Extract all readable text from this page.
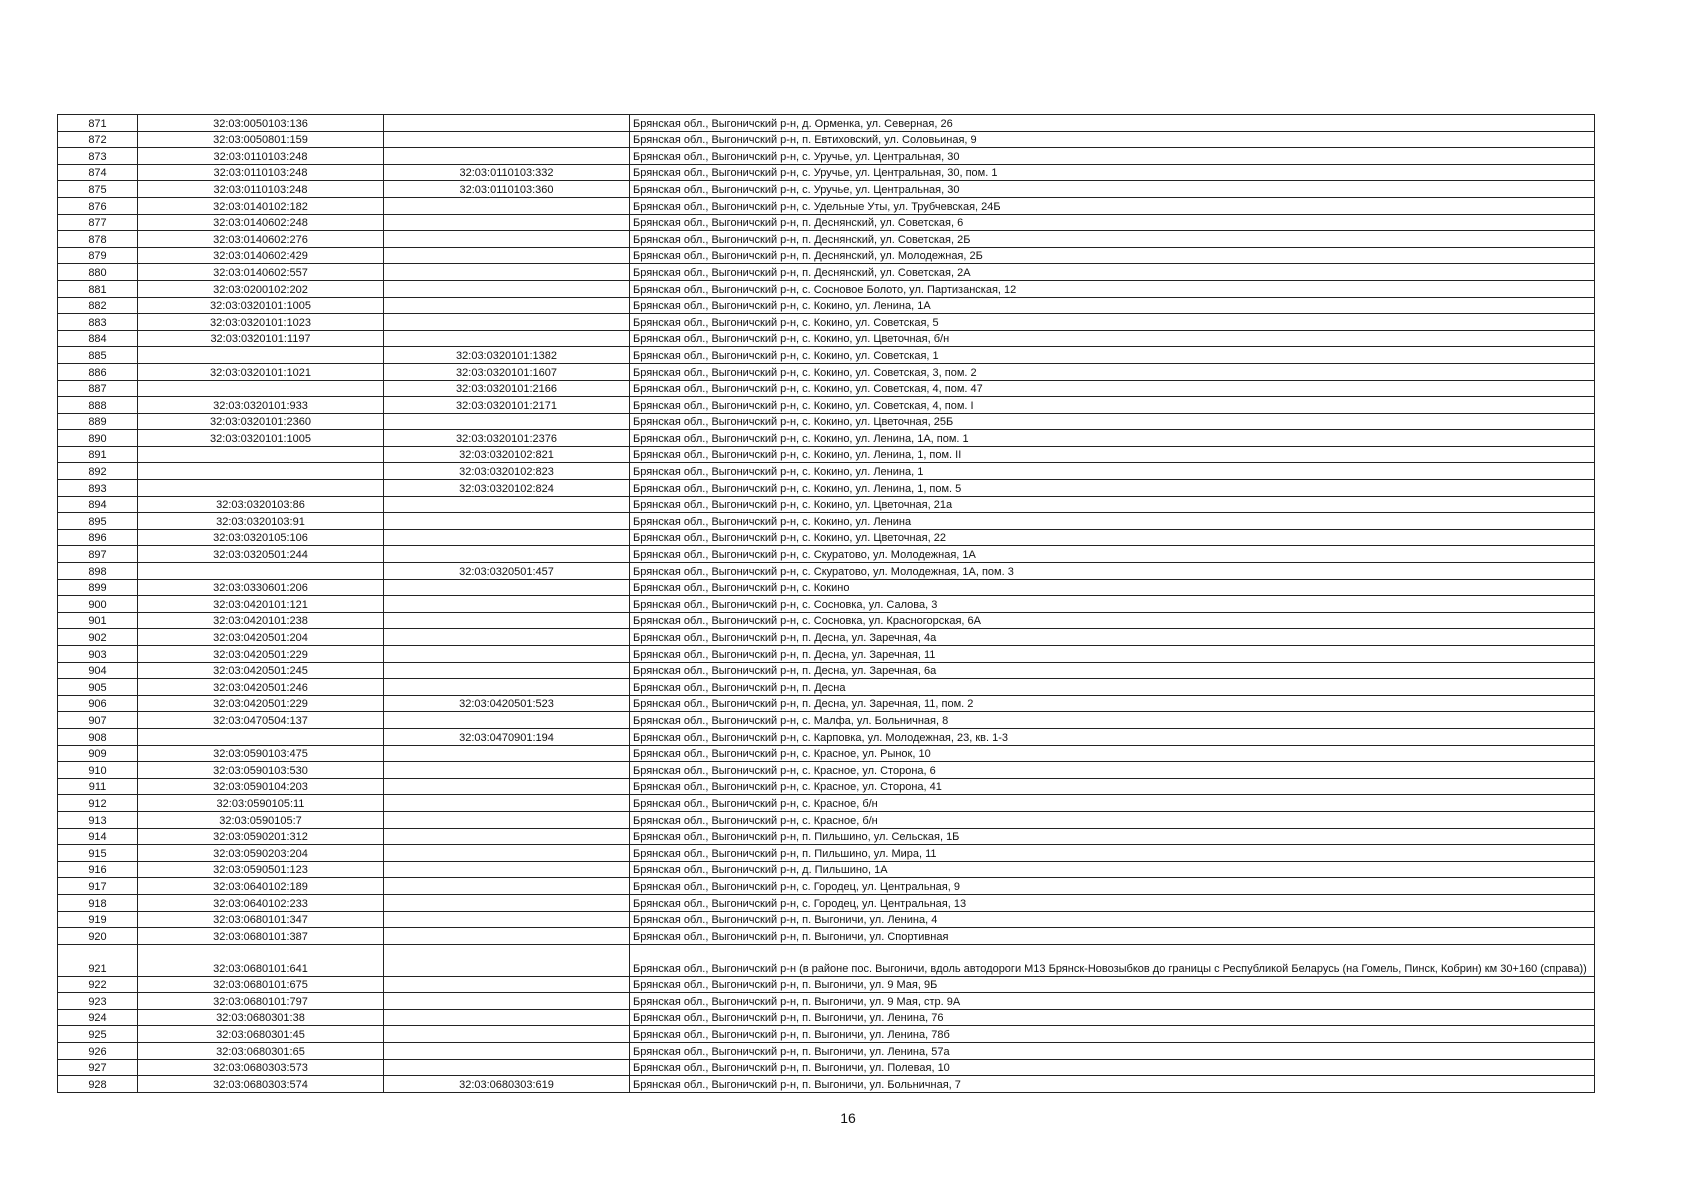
871	32:03:0050103:136		Брянская обл., Выгоничский р-н, д. Орменка, ул. Северная, 26
872	32:03:0050801:159		Брянская обл., Выгоничский р-н, п. Евтиховский, ул. Соловьиная, 9
873	32:03:0110103:248		Брянская обл., Выгоничский р-н, с. Уручье, ул. Центральная, 30
874	32:03:0110103:248	32:03:0110103:332	Брянская обл., Выгоничский р-н, с. Уручье, ул. Центральная, 30, пом. 1
875	32:03:0110103:248	32:03:0110103:360	Брянская обл., Выгоничский р-н, с. Уручье, ул. Центральная, 30
876	32:03:0140102:182		Брянская обл., Выгоничский р-н, с. Удельные Уты, ул. Трубчевская, 24Б
877	32:03:0140602:248		Брянская обл., Выгоничский р-н, п. Деснянский, ул. Советская, 6
878	32:03:0140602:276		Брянская обл., Выгоничский р-н, п. Деснянский, ул. Советская, 2Б
879	32:03:0140602:429		Брянская обл., Выгоничский р-н, п. Деснянский, ул. Молодежная, 2Б
880	32:03:0140602:557		Брянская обл., Выгоничский р-н, п. Деснянский, ул. Советская, 2А
881	32:03:0200102:202		Брянская обл., Выгоничский р-н, с. Сосновое Болото, ул. Партизанская, 12
882	32:03:0320101:1005		Брянская обл., Выгоничский р-н, с. Кокино, ул. Ленина, 1А
883	32:03:0320101:1023		Брянская обл., Выгоничский р-н, с. Кокино, ул. Советская, 5
884	32:03:0320101:1197		Брянская обл., Выгоничский р-н, с. Кокино, ул. Цветочная, б/н
885		32:03:0320101:1382	Брянская обл., Выгоничский р-н, с. Кокино, ул. Советская, 1
886	32:03:0320101:1021	32:03:0320101:1607	Брянская обл., Выгоничский р-н, с. Кокино, ул. Советская, 3, пом. 2
887		32:03:0320101:2166	Брянская обл., Выгоничский р-н, с. Кокино, ул. Советская, 4, пом. 47
888	32:03:0320101:933	32:03:0320101:2171	Брянская обл., Выгоничский р-н, с. Кокино, ул. Советская, 4, пом. I
889	32:03:0320101:2360		Брянская обл., Выгоничский р-н, с. Кокино, ул. Цветочная, 25Б
890	32:03:0320101:1005	32:03:0320101:2376	Брянская обл., Выгоничский р-н, с. Кокино, ул. Ленина, 1А, пом. 1
891		32:03:0320102:821	Брянская обл., Выгоничский р-н, с. Кокино, ул. Ленина, 1, пом. II
892		32:03:0320102:823	Брянская обл., Выгоничский р-н, с. Кокино, ул. Ленина, 1
893		32:03:0320102:824	Брянская обл., Выгоничский р-н, с. Кокино, ул. Ленина, 1, пом. 5
894	32:03:0320103:86		Брянская обл., Выгоничский р-н, с. Кокино, ул. Цветочная, 21а
895	32:03:0320103:91		Брянская обл., Выгоничский р-н, с. Кокино, ул. Ленина
896	32:03:0320105:106		Брянская обл., Выгоничский р-н, с. Кокино, ул. Цветочная, 22
897	32:03:0320501:244		Брянская обл., Выгоничский р-н, с. Скуратово, ул. Молодежная, 1А
898		32:03:0320501:457	Брянская обл., Выгоничский р-н, с. Скуратово, ул. Молодежная, 1А, пом. 3
899	32:03:0330601:206		Брянская обл., Выгоничский р-н, с. Кокино
900	32:03:0420101:121		Брянская обл., Выгоничский р-н, с. Сосновка, ул. Салова, 3
901	32:03:0420101:238		Брянская обл., Выгоничский р-н, с. Сосновка, ул. Красногорская, 6А
902	32:03:0420501:204		Брянская обл., Выгоничский р-н, п. Десна, ул. Заречная, 4а
903	32:03:0420501:229		Брянская обл., Выгоничский р-н, п. Десна, ул. Заречная, 11
904	32:03:0420501:245		Брянская обл., Выгоничский р-н, п. Десна, ул. Заречная, 6а
905	32:03:0420501:246		Брянская обл., Выгоничский р-н, п. Десна
906	32:03:0420501:229	32:03:0420501:523	Брянская обл., Выгоничский р-н, п. Десна, ул. Заречная, 11, пом. 2
907	32:03:0470504:137		Брянская обл., Выгоничский р-н, с. Малфа, ул. Больничная, 8
908		32:03:0470901:194	Брянская обл., Выгоничский р-н, с. Карповка, ул. Молодежная, 23, кв. 1-3
909	32:03:0590103:475		Брянская обл., Выгоничский р-н, с. Красное, ул. Рынок, 10
910	32:03:0590103:530		Брянская обл., Выгоничский р-н, с. Красное, ул. Сторона, 6
911	32:03:0590104:203		Брянская обл., Выгоничский р-н, с. Красное, ул. Сторона, 41
912	32:03:0590105:11		Брянская обл., Выгоничский р-н, с. Красное, б/н
913	32:03:0590105:7		Брянская обл., Выгоничский р-н, с. Красное, б/н
914	32:03:0590201:312		Брянская обл., Выгоничский р-н, п. Пильшино, ул. Сельская, 1Б
915	32:03:0590203:204		Брянская обл., Выгоничский р-н, п. Пильшино, ул. Мира, 11
916	32:03:0590501:123		Брянская обл., Выгоничский р-н, д. Пильшино, 1А
917	32:03:0640102:189		Брянская обл., Выгоничский р-н, с. Городец, ул. Центральная, 9
918	32:03:0640102:233		Брянская обл., Выгоничский р-н, с. Городец, ул. Центральная, 13
919	32:03:0680101:347		Брянская обл., Выгоничский р-н, п. Выгоничи, ул. Ленина, 4
920	32:03:0680101:387		Брянская обл., Выгоничский р-н, п. Выгоничи, ул. Спортивная
921	32:03:0680101:641		Брянская обл., Выгоничский р-н (в районе пос. Выгоничи, вдоль автодороги М13 Брянск-Новозыбков до границы с Республикой Беларусь (на Гомель, Пинск, Кобрин) км 30+160 (справа))
922	32:03:0680101:675		Брянская обл., Выгоничский р-н, п. Выгоничи, ул. 9 Мая, 9Б
923	32:03:0680101:797		Брянская обл., Выгоничский р-н, п. Выгоничи, ул. 9 Мая, стр. 9А
924	32:03:0680301:38		Брянская обл., Выгоничский р-н, п. Выгоничи, ул. Ленина, 76
925	32:03:0680301:45		Брянская обл., Выгоничский р-н, п. Выгоничи, ул. Ленина, 78б
926	32:03:0680301:65		Брянская обл., Выгоничский р-н, п. Выгоничи, ул. Ленина, 57а
927	32:03:0680303:573		Брянская обл., Выгоничский р-н, п. Выгоничи, ул. Полевая, 10
928	32:03:0680303:574	32:03:0680303:619	Брянская обл., Выгоничский р-н, п. Выгоничи, ул. Больничная, 7
16
